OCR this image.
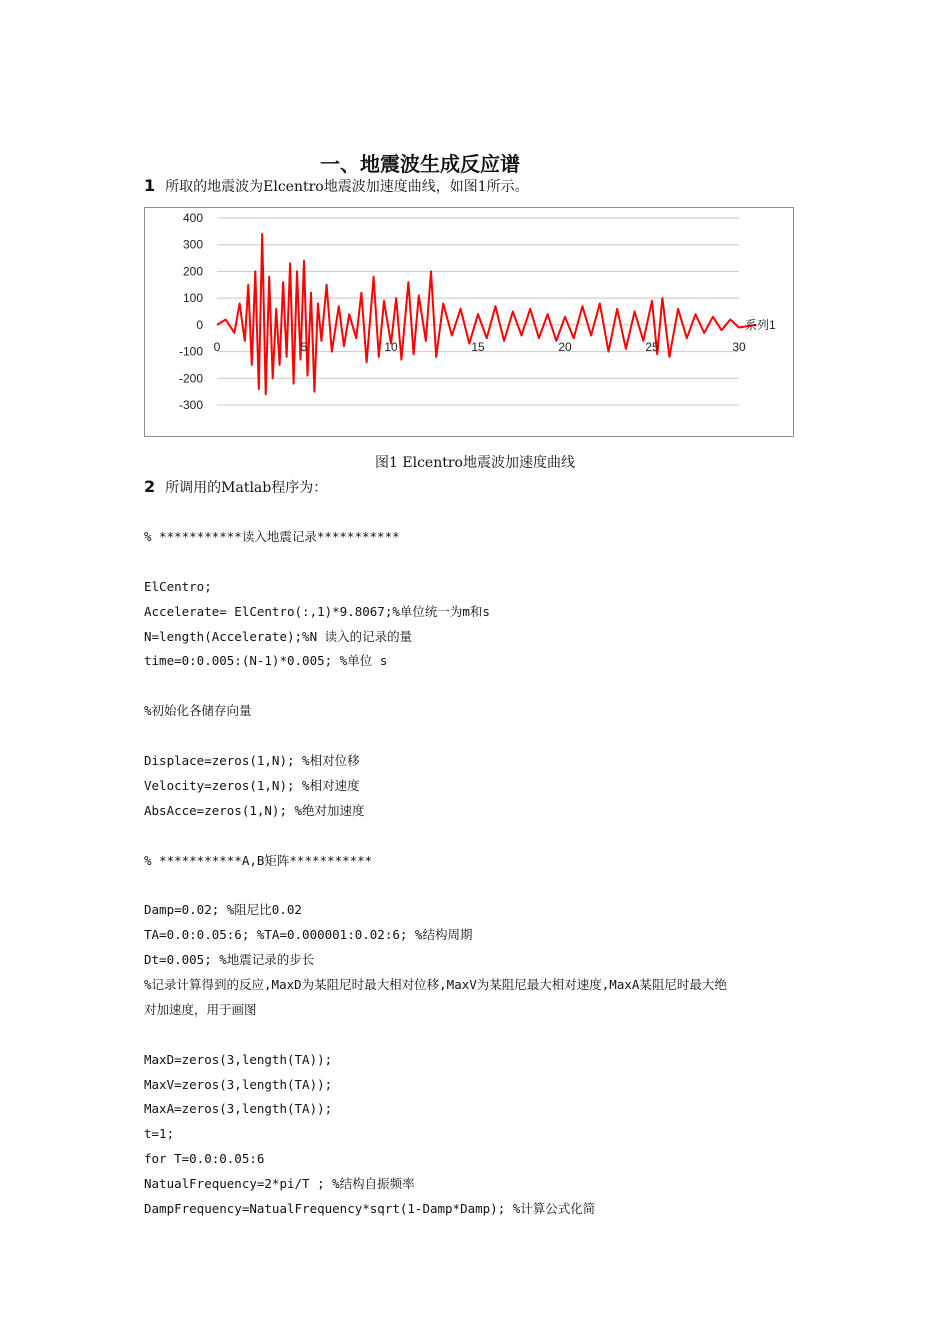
一、地震波生成反应谱
1 所取的地震波为Elcentro地震波加速度曲线，如图1所示。
400
300
200
100
0
-100
-200
-300
0	5	10	15	20	25	30
系列1
图1 Elcentro地震波加速度曲线
2 所调用的Matlab程序为：
% ***********读入地震记录***********
ElCentro;
Accelerate= ElCentro(:,1)*9.8067;%单位统一为m和s
N=length(Accelerate);%N 读入的记录的量
time=0:0.005:(N-1)*0.005; %单位 s
%初始化各储存向量
Displace=zeros(1,N); %相对位移
Velocity=zeros(1,N); %相对速度
AbsAcce=zeros(1,N); %绝对加速度
% ***********A,B矩阵***********
Damp=0.02; %阻尼比0.02
TA=0.0:0.05:6; %TA=0.000001:0.02:6; %结构周期
Dt=0.005; %地震记录的步长
%记录计算得到的反应,MaxD为某阻尼时最大相对位移,MaxV为某阻尼最大相对速度,MaxA某阻尼时最大绝
对加速度，用于画图
MaxD=zeros(3,length(TA));
MaxV=zeros(3,length(TA));
MaxA=zeros(3,length(TA));
t=1;
for T=0.0:0.05:6
NatualFrequency=2*pi/T ; %结构自振频率
DampFrequency=NatualFrequency*sqrt(1-Damp*Damp); %计算公式化简
